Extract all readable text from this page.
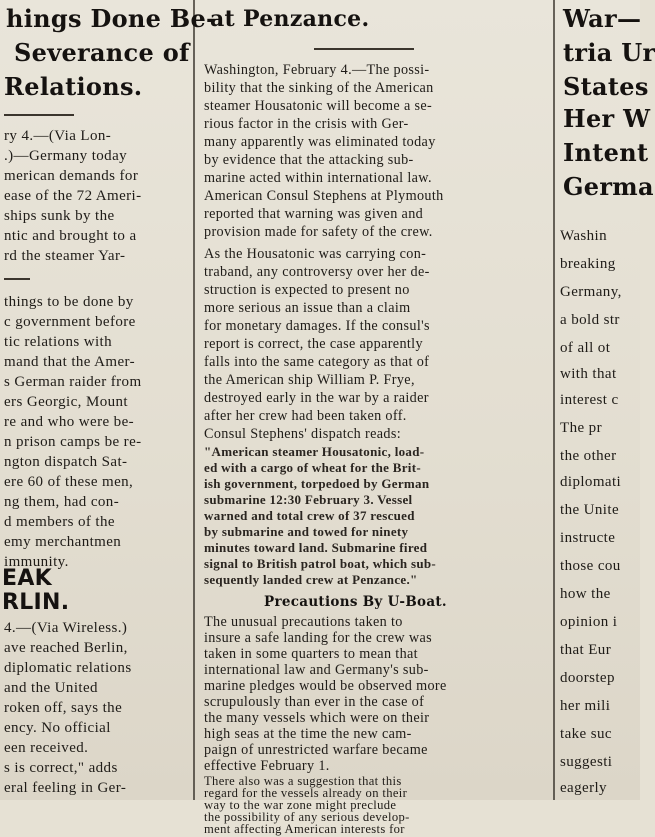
hings Done Be-
Severance of
Relations.
ry 4.—(Via Lon-
.)—Germany today
merican demands for
ease of the 72 Ameri-
ships sunk by the
ntic and brought to a
rd the steamer Yar-
things to be done by
c government before
tic relations with
mand that the Amer-
s German raider from
ers Georgic, Mount
re and who were be-
n prison camps be re-
ngton dispatch Sat-
ere 60 of these men,
ng them, had con-
d members of the
emy merchantmen
immunity.
EAK
RLIN.
4.—(Via Wireless.)
ave reached Berlin,
diplomatic relations
and the United
roken off, says the
ency. No official
een received.
s is correct," adds
eral feeling in Ger-
at Penzance.
Washington, February 4.—The possi-
bility that the sinking of the American
steamer Housatonic will become a se-
rious factor in the crisis with Ger-
many apparently was eliminated today
by evidence that the attacking sub-
marine acted within international law.
American Consul Stephens at Plymouth
reported that warning was given and
provision made for safety of the crew.
As the Housatonic was carrying con-
traband, any controversy over her de-
struction is expected to present no
more serious an issue than a claim
for monetary damages. If the consul's
report is correct, the case apparently
falls into the same category as that of
the American ship William P. Frye,
destroyed early in the war by a raider
after her crew had been taken off.
Consul Stephens' dispatch reads:
"American steamer Housatonic, load-
ed with a cargo of wheat for the Brit-
ish government, torpedoed by German
submarine 12:30 February 3. Vessel
warned and total crew of 37 rescued
by submarine and towed for ninety
minutes toward land. Submarine fired
signal to British patrol boat, which sub-
sequently landed crew at Penzance."
Precautions By U-Boat.
The unusual precautions taken to
insure a safe landing for the crew was
taken in some quarters to mean that
international law and Germany's sub-
marine pledges would be observed more
scrupulously than ever in the case of
the many vessels which were on their
high seas at the time the new cam-
paign of unrestricted warfare became
effective February 1.
There also was a suggestion that this
regard for the vessels already on their
way to the war zone might preclude
the possibility of any serious develop-
ment affecting American interests for
War—
tria Ur
States
Her W
Intent
Germa
Washin
breaking
Germany,
a bold str
of all ot
with that
interest c
The pr
the other
diplomati
the Unite
instructe
those cou
how the
opinion i
that Eur
doorstep
her mili
take suc
suggesti
eagerly
